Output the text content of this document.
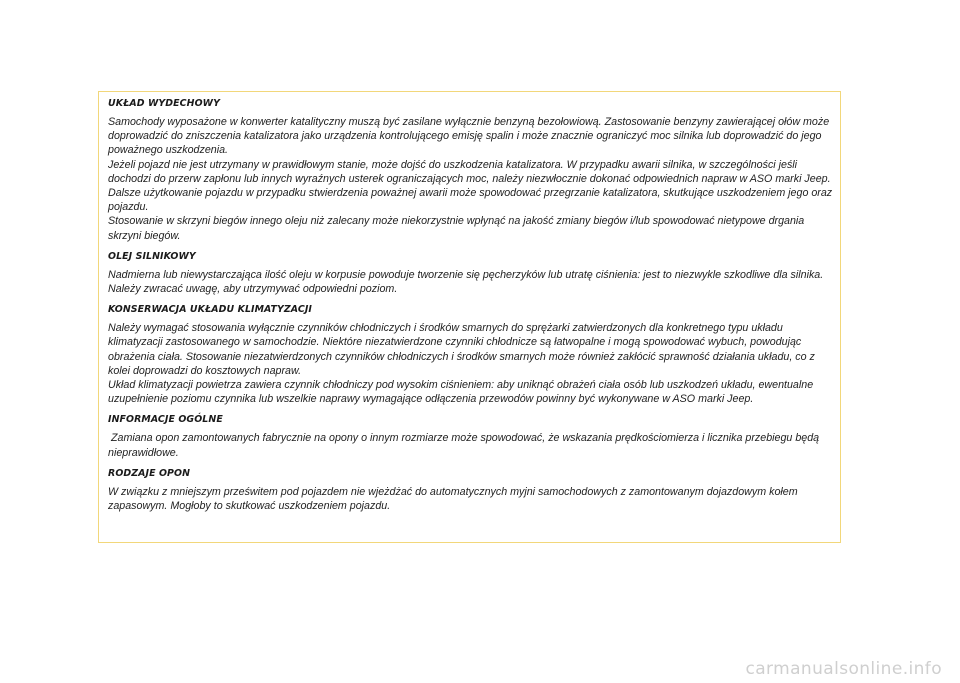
UKŁAD WYDECHOWY

Samochody wyposażone w konwerter katalityczny muszą być zasilane wyłącznie benzyną bezołowiową. Zastosowanie benzyny zawierającej ołów może doprowadzić do zniszczenia katalizatora jako urządzenia kontrolującego emisję spalin i może znacznie ograniczyć moc silnika lub doprowadzić do jego poważnego uszkodzenia.

Jeżeli pojazd nie jest utrzymany w prawidłowym stanie, może dojść do uszkodzenia katalizatora. W przypadku awarii silnika, w szczególności jeśli dochodzi do przerw zapłonu lub innych wyraźnych usterek ograniczających moc, należy niezwłocznie dokonać odpowiednich napraw w ASO marki Jeep. Dalsze użytkowanie pojazdu w przypadku stwierdzenia poważnej awarii może spowodować przegrzanie katalizatora, skutkujące uszkodzeniem jego oraz pojazdu.

Stosowanie w skrzyni biegów innego oleju niż zalecany może niekorzystnie wpłynąć na jakość zmiany biegów i/lub spowodować nietypowe drgania skrzyni biegów.

OLEJ SILNIKOWY

Nadmierna lub niewystarczająca ilość oleju w korpusie powoduje tworzenie się pęcherzyków lub utratę ciśnienia: jest to niezwykle szkodliwe dla silnika. Należy zwracać uwagę, aby utrzymywać odpowiedni poziom.

KONSERWACJA UKŁADU KLIMATYZACJI

Należy wymagać stosowania wyłącznie czynników chłodniczych i środków smarnych do sprężarki zatwierdzonych dla konkretnego typu układu klimatyzacji zastosowanego w samochodzie. Niektóre niezatwierdzone czynniki chłodnicze są łatwopalne i mogą spowodować wybuch, powodując obrażenia ciała. Stosowanie niezatwierdzonych czynników chłodniczych i środków smarnych może również zakłócić sprawność działania układu, co z kolei doprowadzi do kosztowych napraw.

Układ klimatyzacji powietrza zawiera czynnik chłodniczy pod wysokim ciśnieniem: aby uniknąć obrażeń ciała osób lub uszkodzeń układu, ewentualne uzupełnienie poziomu czynnika lub wszelkie naprawy wymagające odłączenia przewodów powinny być wykonywane w ASO marki Jeep.

INFORMACJE OGÓLNE

Zamiana opon zamontowanych fabrycznie na opony o innym rozmiarze może spowodować, że wskazania prędkościomierza i licznika przebiegu będą nieprawidłowe.

RODZAJE OPON

W związku z mniejszym prześwitem pod pojazdem nie wjeżdżać do automatycznych myjni samochodowych z zamontowanym dojazdowym kołem zapasowym. Mogłoby to skutkować uszkodzeniem pojazdu.

carmanualsonline.info
